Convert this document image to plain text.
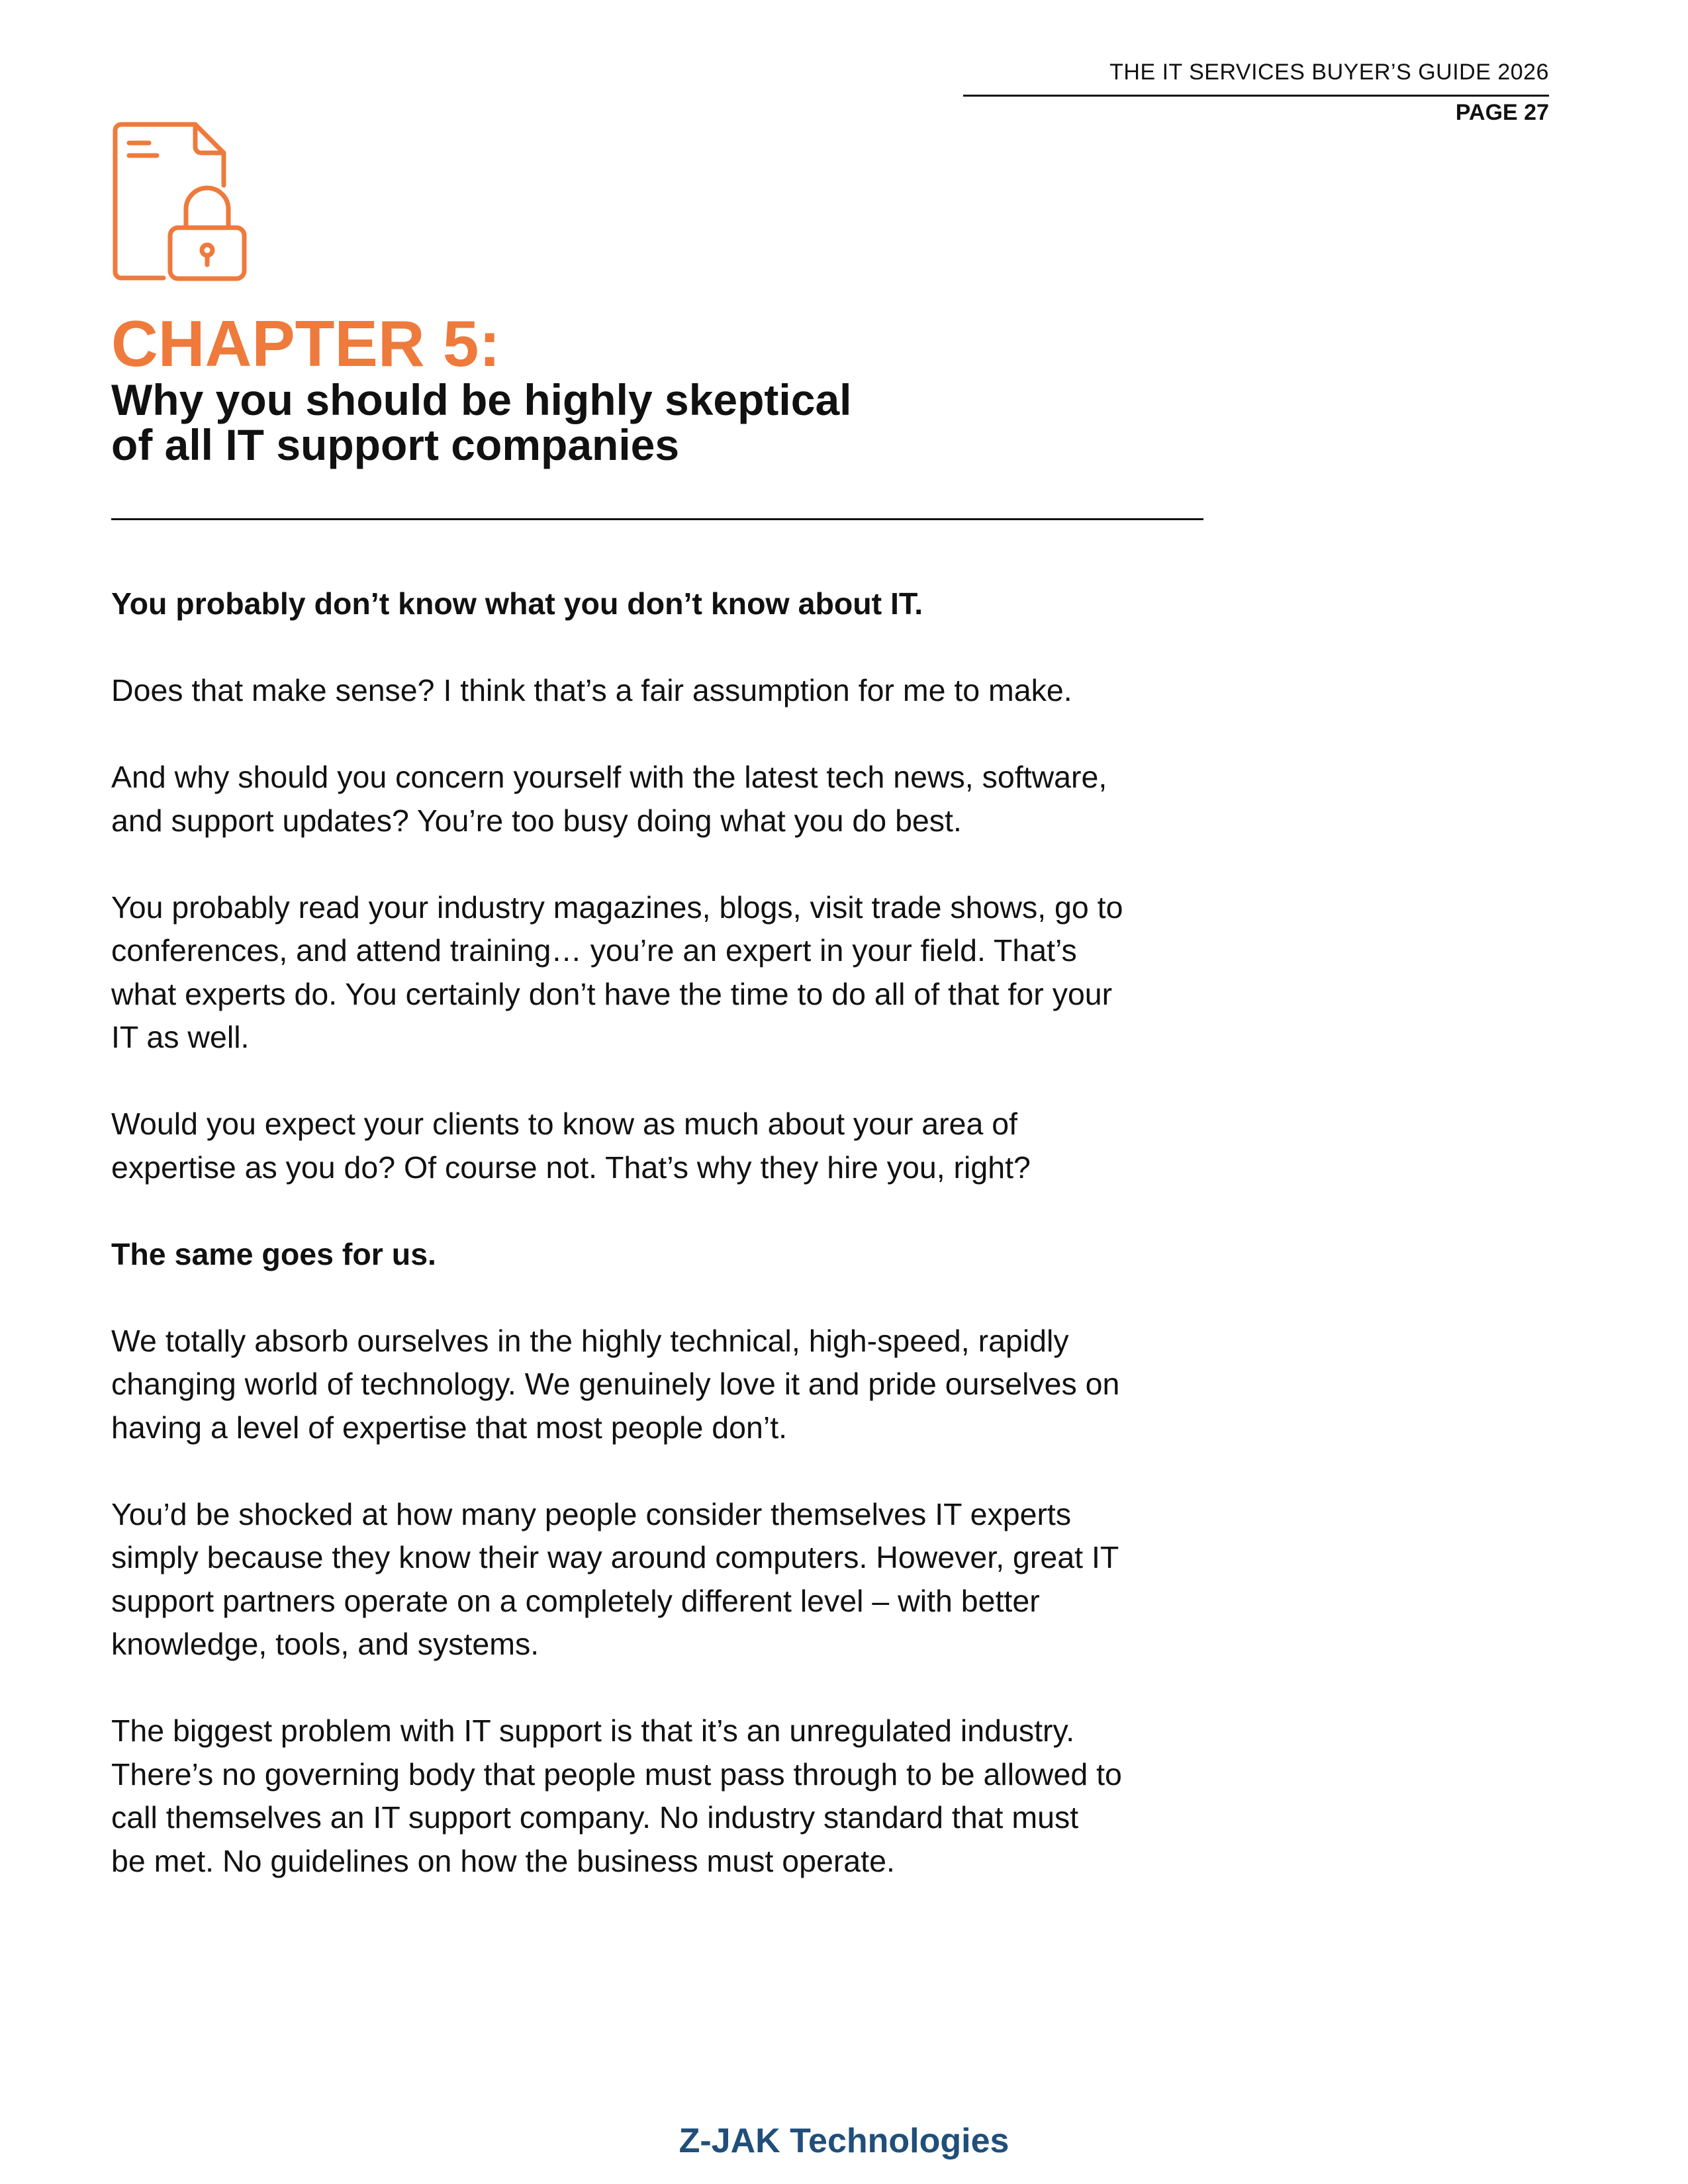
THE IT SERVICES BUYER’S GUIDE 2026
PAGE 27
CHAPTER 5:
Why you should be highly skeptical
of all IT support companies

You probably don’t know what you don’t know about IT.

Does that make sense? I think that’s a fair assumption for me to make.

And why should you concern yourself with the latest tech news, software,
and support updates? You’re too busy doing what you do best.

You probably read your industry magazines, blogs, visit trade shows, go to
conferences, and attend training… you’re an expert in your field. That’s
what experts do. You certainly don’t have the time to do all of that for your
IT as well.

Would you expect your clients to know as much about your area of
expertise as you do? Of course not. That’s why they hire you, right?

The same goes for us.

We totally absorb ourselves in the highly technical, high-speed, rapidly
changing world of technology. We genuinely love it and pride ourselves on
having a level of expertise that most people don’t.

You’d be shocked at how many people consider themselves IT experts
simply because they know their way around computers. However, great IT
support partners operate on a completely different level – with better
knowledge, tools, and systems.

The biggest problem with IT support is that it’s an unregulated industry.
There’s no governing body that people must pass through to be allowed to
call themselves an IT support company. No industry standard that must
be met. No guidelines on how the business must operate.

Z-JAK Technologies
